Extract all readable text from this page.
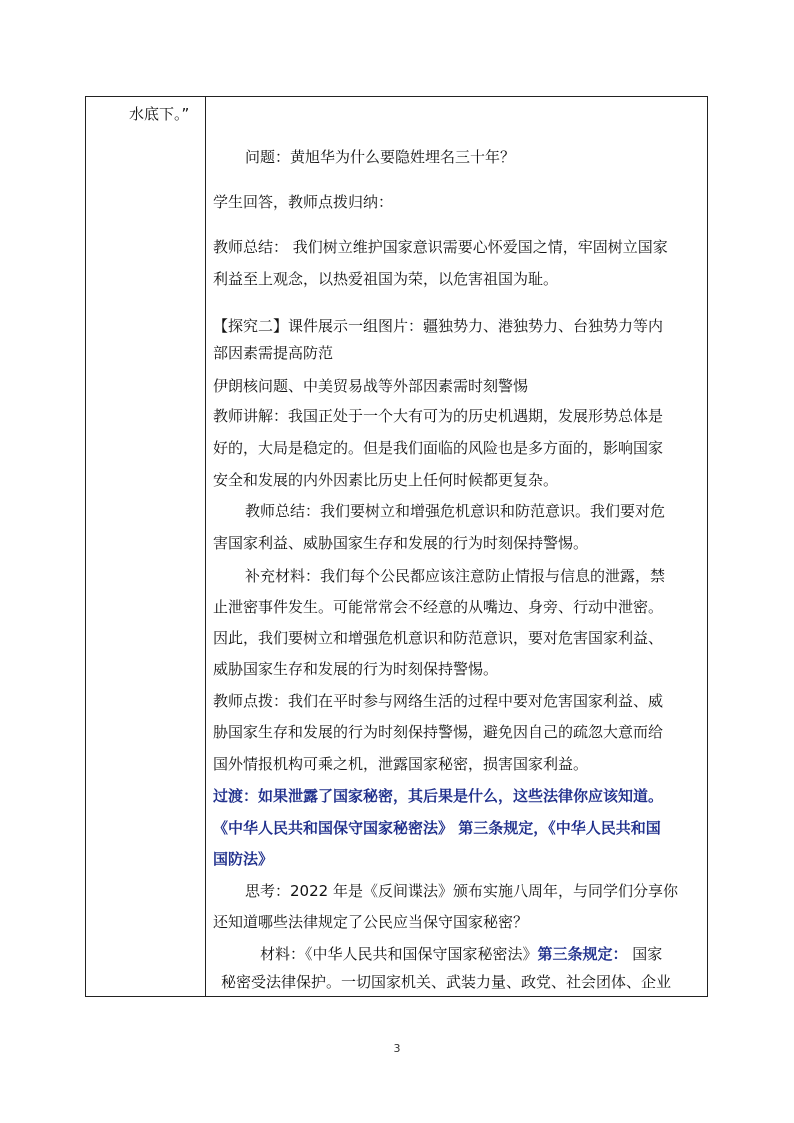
水底下。”
问题：黄旭华为什么要隐姓埋名三十年？
学生回答，教师点拨归纳：
教师总结： 我们树立维护国家意识需要心怀爱国之情，牢固树立国家
利益至上观念，以热爱祖国为荣，以危害祖国为耻。
【探究二】课件展示一组图片：疆独势力、港独势力、台独势力等内
部因素需提高防范
伊朗核问题、中美贸易战等外部因素需时刻警惕
教师讲解：我国正处于一个大有可为的历史机遇期，发展形势总体是
好的，大局是稳定的。但是我们面临的风险也是多方面的，影响国家
安全和发展的内外因素比历史上任何时候都更复杂。
教师总结：我们要树立和增强危机意识和防范意识。我们要对危
害国家利益、威胁国家生存和发展的行为时刻保持警惕。
补充材料：我们每个公民都应该注意防止情报与信息的泄露，禁
止泄密事件发生。可能常常会不经意的从嘴边、身旁、行动中泄密。
因此，我们要树立和增强危机意识和防范意识，要对危害国家利益、
威胁国家生存和发展的行为时刻保持警惕。
教师点拨：我们在平时参与网络生活的过程中要对危害国家利益、威
胁国家生存和发展的行为时刻保持警惕，避免因自己的疏忽大意而给
国外情报机构可乘之机，泄露国家秘密，损害国家利益。
过渡：如果泄露了国家秘密，其后果是什么，这些法律你应该知道。
《中华人民共和国保守国家秘密法》 第三条规定，《中华人民共和国
国防法》
思考：2022 年是《反间谍法》颁布实施八周年，与同学们分享你
还知道哪些法律规定了公民应当保守国家秘密？
材料：《中华人民共和国保守国家秘密法》第三条规定： 国家
秘密受法律保护。一切国家机关、武装力量、政党、社会团体、企业
3
